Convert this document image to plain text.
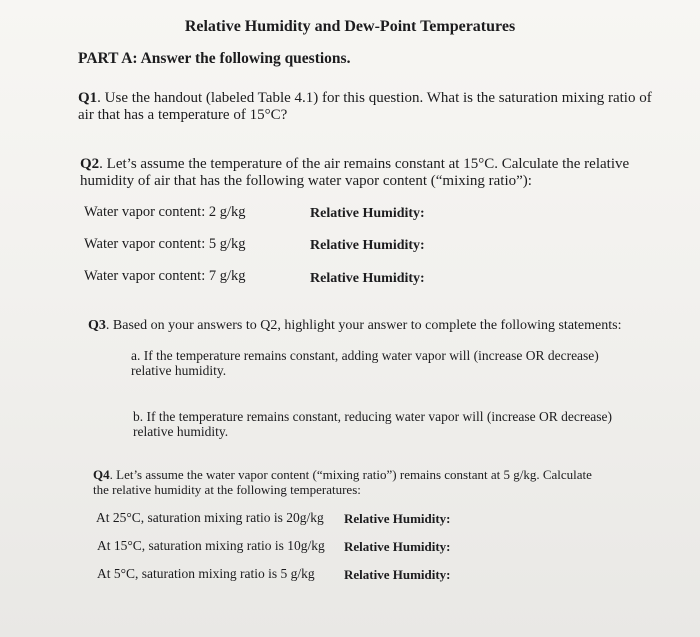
Relative Humidity and Dew-Point Temperatures
PART A: Answer the following questions.
Q1. Use the handout (labeled Table 4.1) for this question. What is the saturation mixing ratio of
air that has a temperature of 15°C?
Q2. Let’s assume the temperature of the air remains constant at 15°C. Calculate the relative
humidity of air that has the following water vapor content (“mixing ratio”):
Water vapor content: 2 g/kg	Relative Humidity:
Water vapor content: 5 g/kg	Relative Humidity:
Water vapor content: 7 g/kg	Relative Humidity:
Q3. Based on your answers to Q2, highlight your answer to complete the following statements:
a. If the temperature remains constant, adding water vapor will (increase OR decrease)
relative humidity.
b. If the temperature remains constant, reducing water vapor will (increase OR decrease)
relative humidity.
Q4. Let’s assume the water vapor content (“mixing ratio”) remains constant at 5 g/kg. Calculate
the relative humidity at the following temperatures:
At 25°C, saturation mixing ratio is 20g/kg Relative Humidity:
At 15°C, saturation mixing ratio is 10g/kg Relative Humidity:
At 5°C, saturation mixing ratio is 5 g/kg Relative Humidity:
